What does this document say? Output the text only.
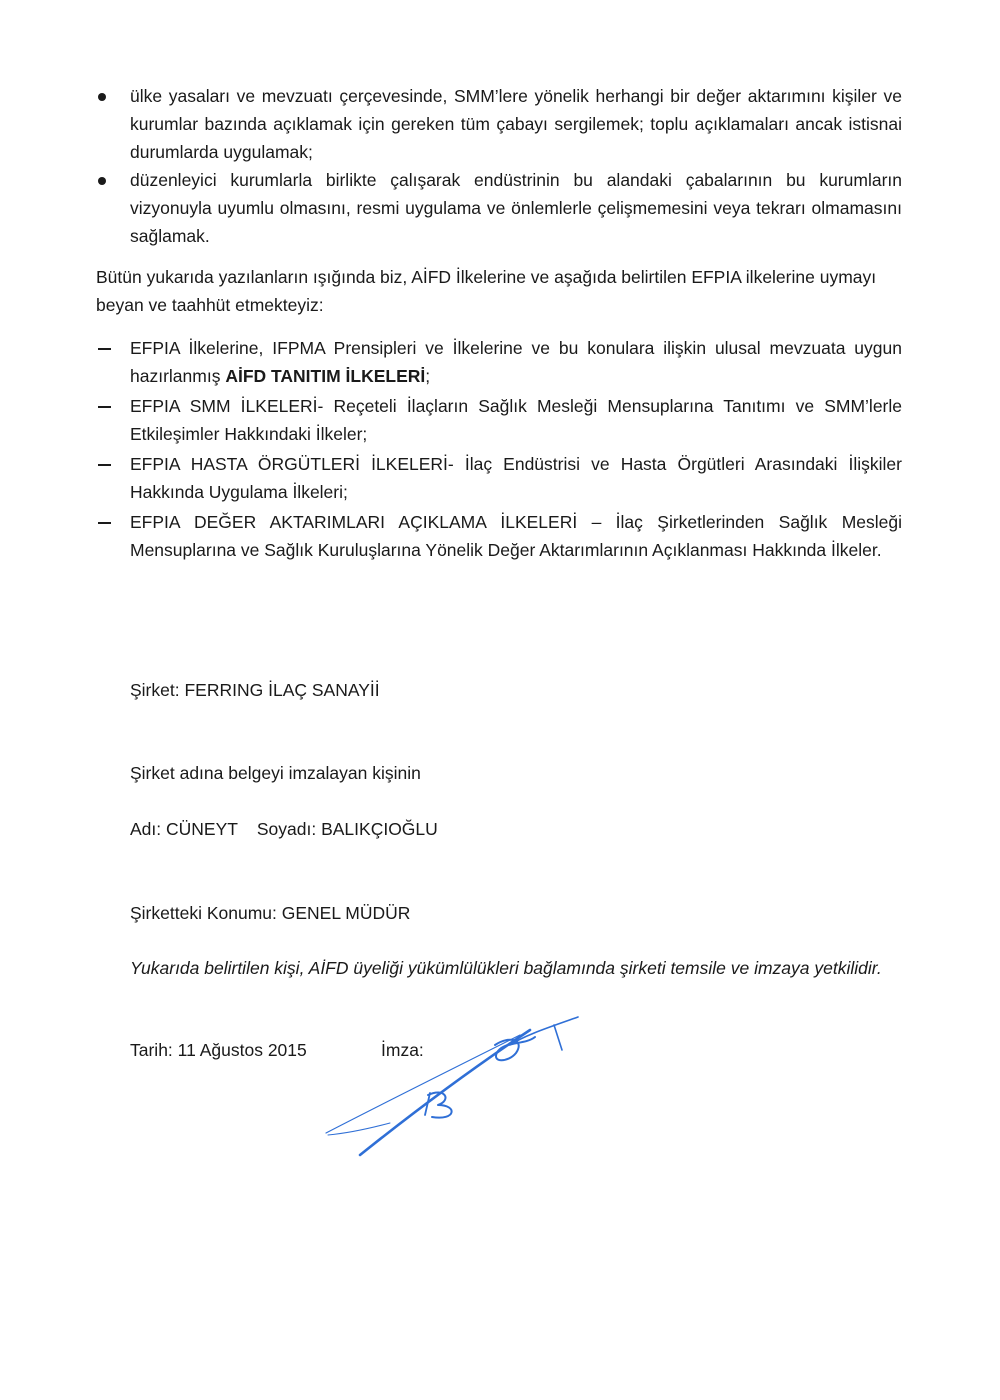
ülke yasaları ve mevzuatı çerçevesinde, SMM’lere yönelik herhangi bir değer aktarımını kişiler ve kurumlar bazında açıklamak için gereken tüm çabayı sergilemek; toplu açıklamaları ancak istisnai durumlarda uygulamak;
düzenleyici kurumlarla birlikte çalışarak endüstrinin bu alandaki çabalarının bu kurumların vizyonuyla uyumlu olmasını, resmi uygulama ve önlemlerle çelişmemesini veya tekrarı olmamasını sağlamak.

Bütün yukarıda yazılanların ışığında biz, AİFD İlkelerine ve aşağıda belirtilen EFPIA ilkelerine uymayı beyan ve taahhüt etmekteyiz:

EFPIA İlkelerine, IFPMA Prensipleri ve İlkelerine ve bu konulara ilişkin ulusal mevzuata uygun hazırlanmış AİFD TANITIM İLKELERİ;
EFPIA SMM İLKELERİ- Reçeteli İlaçların Sağlık Mesleği Mensuplarına Tanıtımı ve SMM’lerle Etkileşimler Hakkındaki İlkeler;
EFPIA HASTA ÖRGÜTLERİ İLKELERİ- İlaç Endüstrisi ve Hasta Örgütleri Arasındaki İlişkiler Hakkında Uygulama İlkeleri;
EFPIA DEĞER AKTARIMLARI AÇIKLAMA İLKELERİ – İlaç Şirketlerinden Sağlık Mesleği Mensuplarına ve Sağlık Kuruluşlarına Yönelik Değer Aktarımlarının Açıklanması Hakkında İlkeler.

Şirket: FERRING İLAÇ SANAYİİ

Şirket adına belgeyi imzalayan kişinin

Adı: CÜNEYT Soyadı: BALIKÇIOĞLU

Şirketteki Konumu: GENEL MÜDÜR

Yukarıda belirtilen kişi, AİFD üyeliği yükümlülükleri bağlamında şirketi temsile ve imzaya yetkilidir.

Tarih: 11 Ağustos 2015	İmza:
